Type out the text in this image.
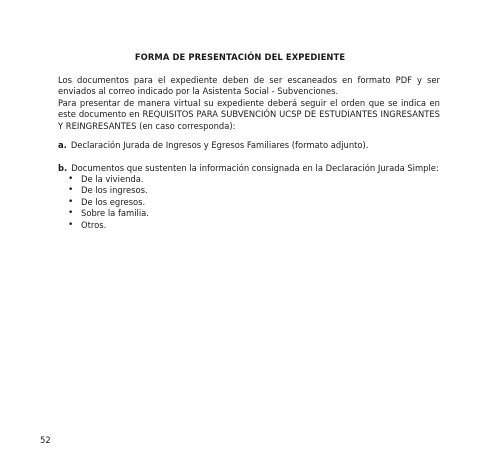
FORMA DE PRESENTACIÓN DEL EXPEDIENTE

Los documentos para el expediente deben de ser escaneados en formato PDF y ser enviados al correo indicado por la Asistenta Social - Subvenciones.

Para presentar de manera virtual su expediente deberá seguir el orden que se indica en este documento en REQUISITOS PARA SUBVENCIÓN UCSP DE ESTUDIANTES INGRESANTES Y REINGRESANTES (en caso corresponda):

a. Declaración Jurada de Ingresos y Egresos Familiares (formato adjunto).

b. Documentos que sustenten la información consignada en la Declaración Jurada Simple:

• De la vivienda.
• De los ingresos.
• De los egresos.
• Sobre la familia.
• Otros.
52
